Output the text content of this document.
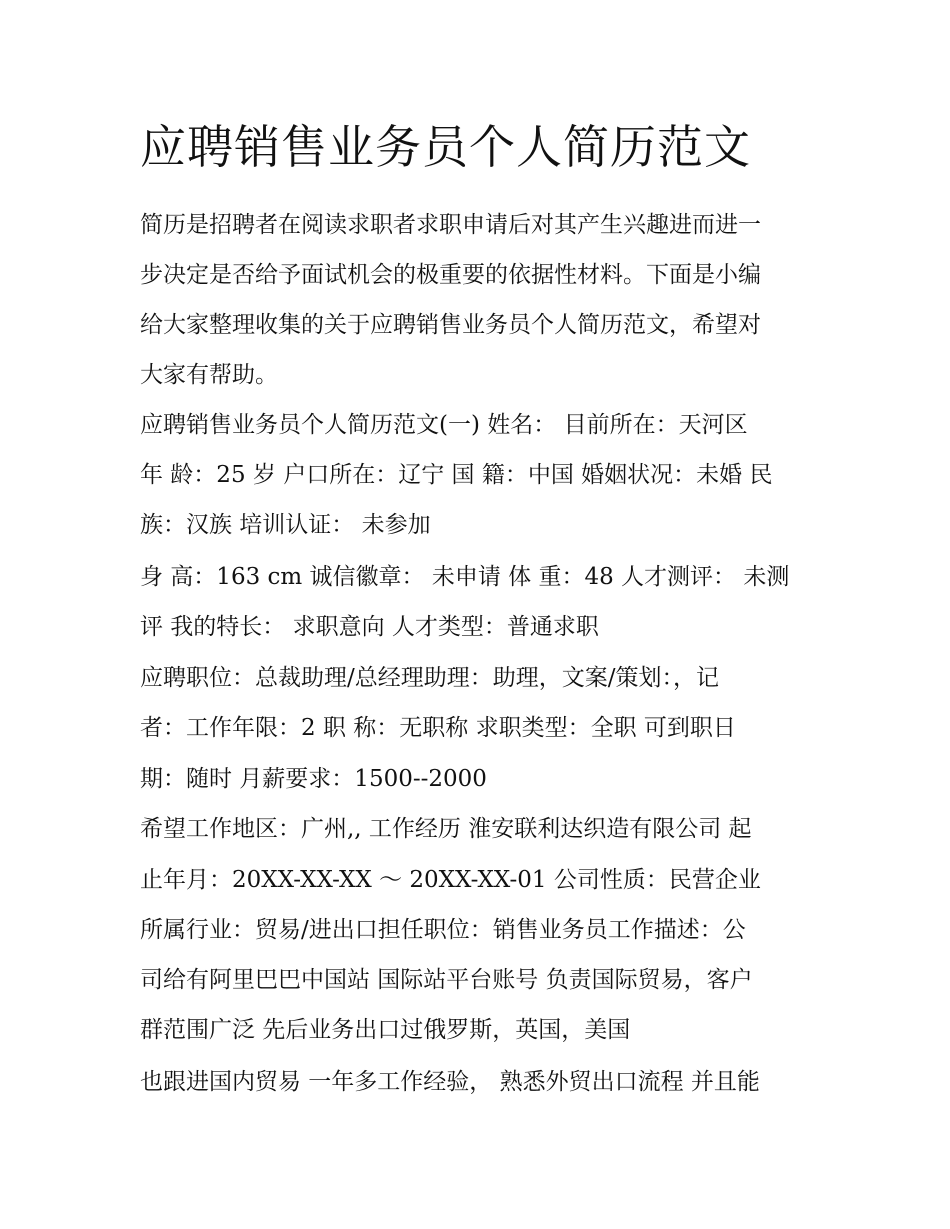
应聘销售业务员个人简历范文

简历是招聘者在阅读求职者求职申请后对其产生兴趣进而进一

步决定是否给予面试机会的极重要的依据性材料。下面是小编

给大家整理收集的关于应聘销售业务员个人简历范文，希望对

大家有帮助。

应聘销售业务员个人简历范文(一) 姓名： 目前所在：天河区

年 龄：25 岁 户口所在：辽宁 国 籍：中国 婚姻状况：未婚 民

族：汉族 培训认证： 未参加

身 高：163 cm 诚信徽章： 未申请 体 重：48 人才测评： 未测

评 我的特长： 求职意向 人才类型：普通求职

应聘职位：总裁助理/总经理助理：助理，文案/策划：，记

者：工作年限：2 职 称：无职称 求职类型：全职 可到职日

期：随时 月薪要求：1500--2000

希望工作地区：广州,, 工作经历 淮安联利达织造有限公司 起

止年月：20XX-XX-XX ～ 20XX-XX-01 公司性质：民营企业

所属行业：贸易/进出口担任职位：销售业务员工作描述：公

司给有阿里巴巴中国站 国际站平台账号 负责国际贸易，客户

群范围广泛 先后业务出口过俄罗斯，英国，美国

也跟进国内贸易 一年多工作经验， 熟悉外贸出口流程 并且能
